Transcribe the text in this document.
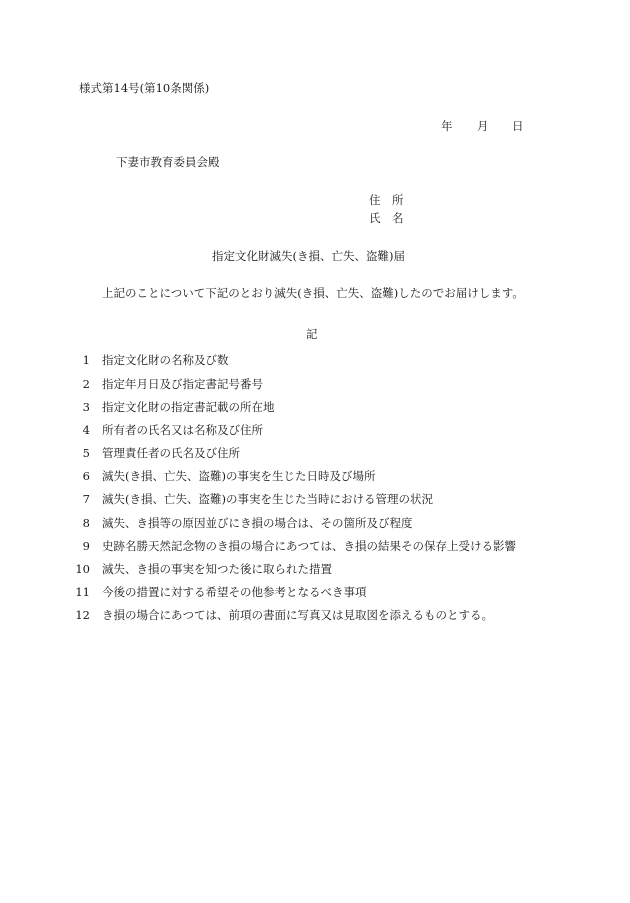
様式第14号(第10条関係)
年 月 日
下妻市教育委員会殿
住　所
氏　名
指定文化財滅失(き損、亡失、盗難)届
上記のことについて下記のとおり滅失(き損、亡失、盗難)したのでお届けします。
記
1 指定文化財の名称及び数
2 指定年月日及び指定書記号番号
3 指定文化財の指定書記載の所在地
4 所有者の氏名又は名称及び住所
5 管理責任者の氏名及び住所
6 滅失(き損、亡失、盗難)の事実を生じた日時及び場所
7 滅失(き損、亡失、盗難)の事実を生じた当時における管理の状況
8 滅失、き損等の原因並びにき損の場合は、その箇所及び程度
9 史跡名勝天然記念物のき損の場合にあつては、き損の結果その保存上受ける影響
10 滅失、き損の事実を知つた後に取られた措置
11 今後の措置に対する希望その他参考となるべき事項
12 き損の場合にあつては、前項の書面に写真又は見取図を添えるものとする。
